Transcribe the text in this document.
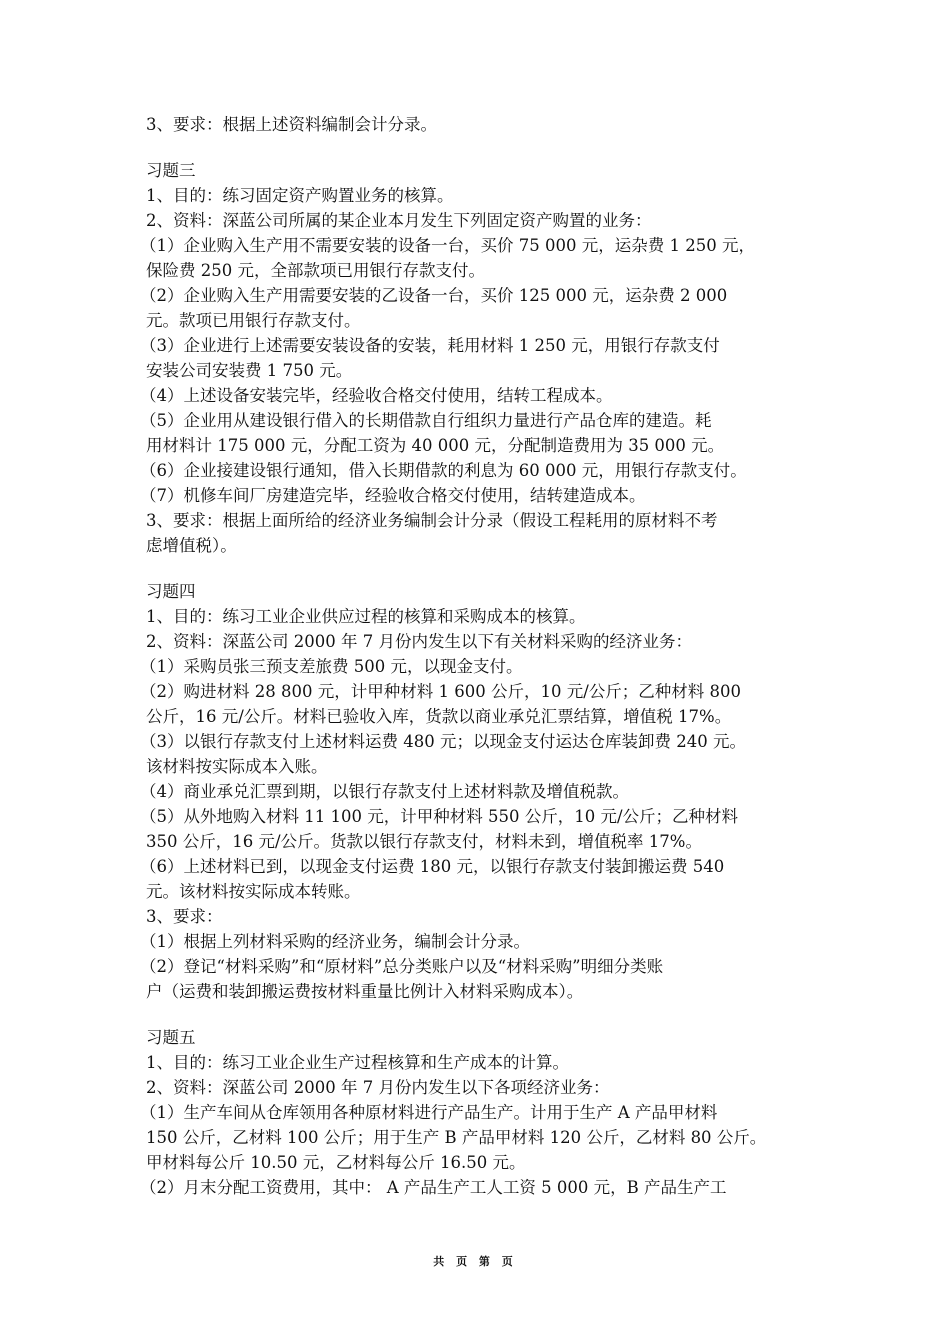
3、要求：根据上述资料编制会计分录。
习题三
1、目的：练习固定资产购置业务的核算。
2、资料：深蓝公司所属的某企业本月发生下列固定资产购置的业务：
（1）企业购入生产用不需要安装的设备一台，买价 75 000 元，运杂费 1 250 元，
保险费 250 元，全部款项已用银行存款支付。
（2）企业购入生产用需要安装的乙设备一台，买价 125 000 元，运杂费 2 000
元。款项已用银行存款支付。
（3）企业进行上述需要安装设备的安装，耗用材料 1 250 元，用银行存款支付
安装公司安装费 1 750 元。
（4）上述设备安装完毕，经验收合格交付使用，结转工程成本。
（5）企业用从建设银行借入的长期借款自行组织力量进行产品仓库的建造。耗
用材料计 175 000 元，分配工资为 40 000 元，分配制造费用为 35 000 元。
（6）企业接建设银行通知，借入长期借款的利息为 60 000 元，用银行存款支付。
（7）机修车间厂房建造完毕，经验收合格交付使用，结转建造成本。
3、要求：根据上面所给的经济业务编制会计分录（假设工程耗用的原材料不考
虑增值税）。
习题四
1、目的：练习工业企业供应过程的核算和采购成本的核算。
2、资料：深蓝公司 2000 年 7 月份内发生以下有关材料采购的经济业务：
（1）采购员张三预支差旅费 500 元，以现金支付。
（2）购进材料 28 800 元，计甲种材料 1 600 公斤，10 元/公斤；乙种材料 800
公斤，16 元/公斤。材料已验收入库，货款以商业承兑汇票结算，增值税 17%。
（3）以银行存款支付上述材料运费 480 元；以现金支付运达仓库装卸费 240 元。
该材料按实际成本入账。
（4）商业承兑汇票到期，以银行存款支付上述材料款及增值税款。
（5）从外地购入材料 11 100 元，计甲种材料 550 公斤，10 元/公斤；乙种材料
350 公斤，16 元/公斤。货款以银行存款支付，材料未到，增值税率 17%。
（6）上述材料已到，以现金支付运费 180 元，以银行存款支付装卸搬运费 540
元。该材料按实际成本转账。
3、要求：
（1）根据上列材料采购的经济业务，编制会计分录。
（2）登记“材料采购”和“原材料”总分类账户以及“材料采购”明细分类账
户（运费和装卸搬运费按材料重量比例计入材料采购成本）。
习题五
1、目的：练习工业企业生产过程核算和生产成本的计算。
2、资料：深蓝公司 2000 年 7 月份内发生以下各项经济业务：
（1）生产车间从仓库领用各种原材料进行产品生产。计用于生产 A 产品甲材料
150 公斤，乙材料 100 公斤；用于生产 B 产品甲材料 120 公斤，乙材料 80 公斤。
甲材料每公斤 10.50 元，乙材料每公斤 16.50 元。
（2）月末分配工资费用，其中： A 产品生产工人工资 5 000 元，B 产品生产工
共 页 第 页
